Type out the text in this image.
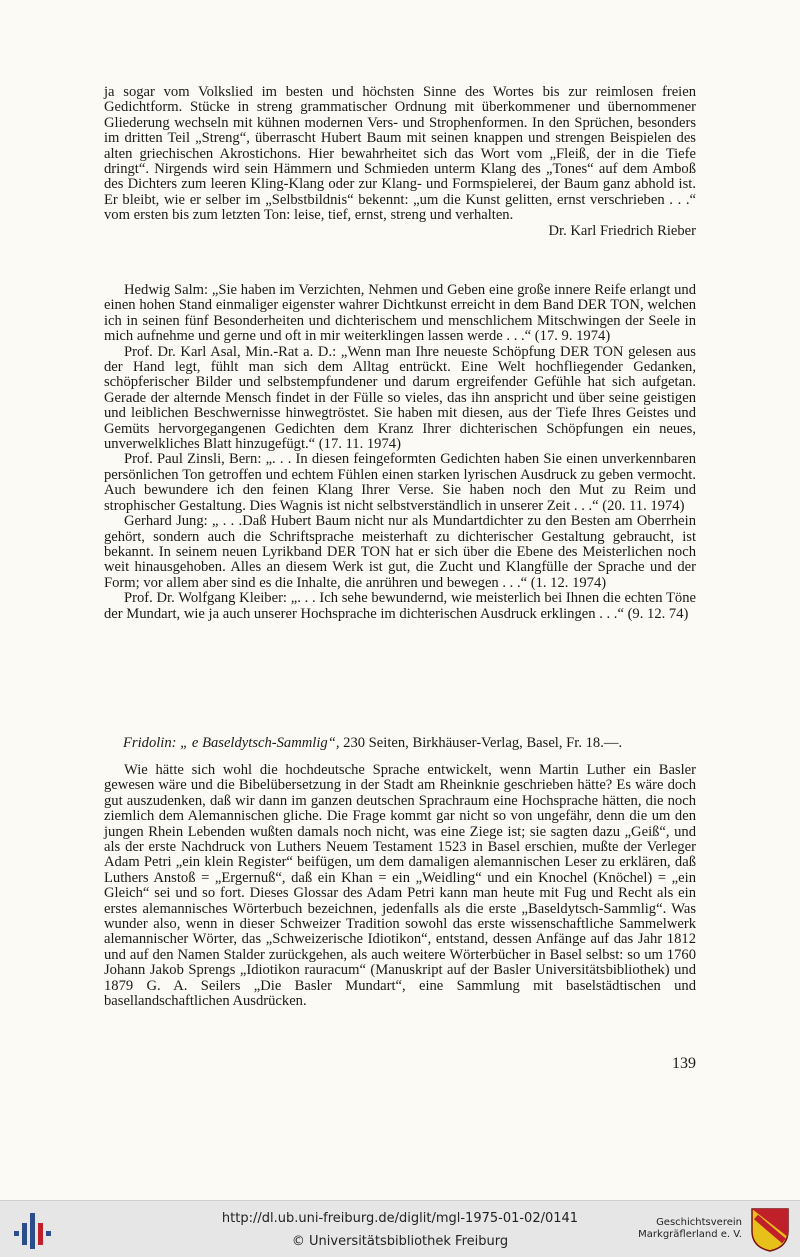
ja sogar vom Volkslied im besten und höchsten Sinne des Wortes bis zur reimlosen freien Gedichtform. Stücke in streng grammatischer Ordnung mit überkommener und übernommener Gliederung wechseln mit kühnen modernen Vers- und Strophenformen. In den Sprüchen, besonders im dritten Teil „Streng“, überrascht Hubert Baum mit seinen knappen und strengen Beispielen des alten griechischen Akrostichons. Hier bewahrheitet sich das Wort vom „Fleiß, der in die Tiefe dringt“. Nirgends wird sein Hämmern und Schmieden unterm Klang des „Tones“ auf dem Amboß des Dichters zum leeren Kling-Klang oder zur Klang- und Formspielerei, der Baum ganz abhold ist. Er bleibt, wie er selber im „Selbstbildnis“ bekennt: „um die Kunst gelitten, ernst verschrieben . . .“ vom ersten bis zum letzten Ton: leise, tief, ernst, streng und verhalten.

Dr. Karl Friedrich Rieber

Hedwig Salm: „Sie haben im Verzichten, Nehmen und Geben eine große innere Reife erlangt und einen hohen Stand einmaliger eigenster wahrer Dichtkunst erreicht in dem Band DER TON, welchen ich in seinen fünf Besonderheiten und dichterischem und menschlichem Mitschwingen der Seele in mich aufnehme und gerne und oft in mir weiterklingen lassen werde . . .“ (17. 9. 1974)

Prof. Dr. Karl Asal, Min.-Rat a. D.: „Wenn man Ihre neueste Schöpfung DER TON gelesen aus der Hand legt, fühlt man sich dem Alltag entrückt. Eine Welt hochfliegender Gedanken, schöpferischer Bilder und selbstempfundener und darum ergreifender Gefühle hat sich aufgetan. Gerade der alternde Mensch findet in der Fülle so vieles, das ihn anspricht und über seine geistigen und leiblichen Beschwernisse hinwegtröstet. Sie haben mit diesen, aus der Tiefe Ihres Geistes und Gemüts hervorgegangenen Gedichten dem Kranz Ihrer dichterischen Schöpfungen ein neues, unverwelkliches Blatt hinzugefügt.“ (17. 11. 1974)

Prof. Paul Zinsli, Bern: „. . . In diesen feingeformten Gedichten haben Sie einen unverkennbaren persönlichen Ton getroffen und echtem Fühlen einen starken lyrischen Ausdruck zu geben vermocht. Auch bewundere ich den feinen Klang Ihrer Verse. Sie haben noch den Mut zu Reim und strophischer Gestaltung. Dies Wagnis ist nicht selbstverständlich in unserer Zeit . . .“ (20. 11. 1974)

Gerhard Jung: „ . . .Daß Hubert Baum nicht nur als Mundartdichter zu den Besten am Oberrhein gehört, sondern auch die Schriftsprache meisterhaft zu dichterischer Gestaltung gebraucht, ist bekannt. In seinem neuen Lyrikband DER TON hat er sich über die Ebene des Meisterlichen noch weit hinausgehoben. Alles an diesem Werk ist gut, die Zucht und Klangfülle der Sprache und der Form; vor allem aber sind es die Inhalte, die anrühren und bewegen . . .“ (1. 12. 1974)

Prof. Dr. Wolfgang Kleiber: „. . . Ich sehe bewundernd, wie meisterlich bei Ihnen die echten Töne der Mundart, wie ja auch unserer Hochsprache im dichterischen Ausdruck erklingen . . .“ (9. 12. 74)

Fridolin: „ e Baseldytsch-Sammlig“, 230 Seiten, Birkhäuser-Verlag, Basel, Fr. 18.—.

Wie hätte sich wohl die hochdeutsche Sprache entwickelt, wenn Martin Luther ein Basler gewesen wäre und die Bibelübersetzung in der Stadt am Rheinknie geschrieben hätte? Es wäre doch gut auszudenken, daß wir dann im ganzen deutschen Sprachraum eine Hochsprache hätten, die noch ziemlich dem Alemannischen gliche. Die Frage kommt gar nicht so von ungefähr, denn die um den jungen Rhein Lebenden wußten damals noch nicht, was eine Ziege ist; sie sagten dazu „Geiß“, und als der erste Nachdruck von Luthers Neuem Testament 1523 in Basel erschien, mußte der Verleger Adam Petri „ein klein Register“ beifügen, um dem damaligen alemannischen Leser zu erklären, daß Luthers Anstoß = „Ergernuß“, daß ein Khan = ein „Weidling“ und ein Knochel (Knöchel) = „ein Gleich“ sei und so fort. Dieses Glossar des Adam Petri kann man heute mit Fug und Recht als ein erstes alemannisches Wörterbuch bezeichnen, jedenfalls als die erste „Baseldytsch-Sammlig“. Was wunder also, wenn in dieser Schweizer Tradition sowohl das erste wissenschaftliche Sammelwerk alemannischer Wörter, das „Schweizerische Idiotikon“, entstand, dessen Anfänge auf das Jahr 1812 und auf den Namen Stalder zurückgehen, als auch weitere Wörterbücher in Basel selbst: so um 1760 Johann Jakob Sprengs „Idiotikon rauracum“ (Manuskript auf der Basler Universitätsbibliothek) und 1879 G. A. Seilers „Die Basler Mundart“, eine Sammlung mit baselstädtischen und basellandschaftlichen Ausdrücken.

139
http://dl.ub.uni-freiburg.de/diglit/mgl-1975-01-02/0141
© Universitätsbibliothek Freiburg
Geschichtsverein
Markgräflerland e. V.
